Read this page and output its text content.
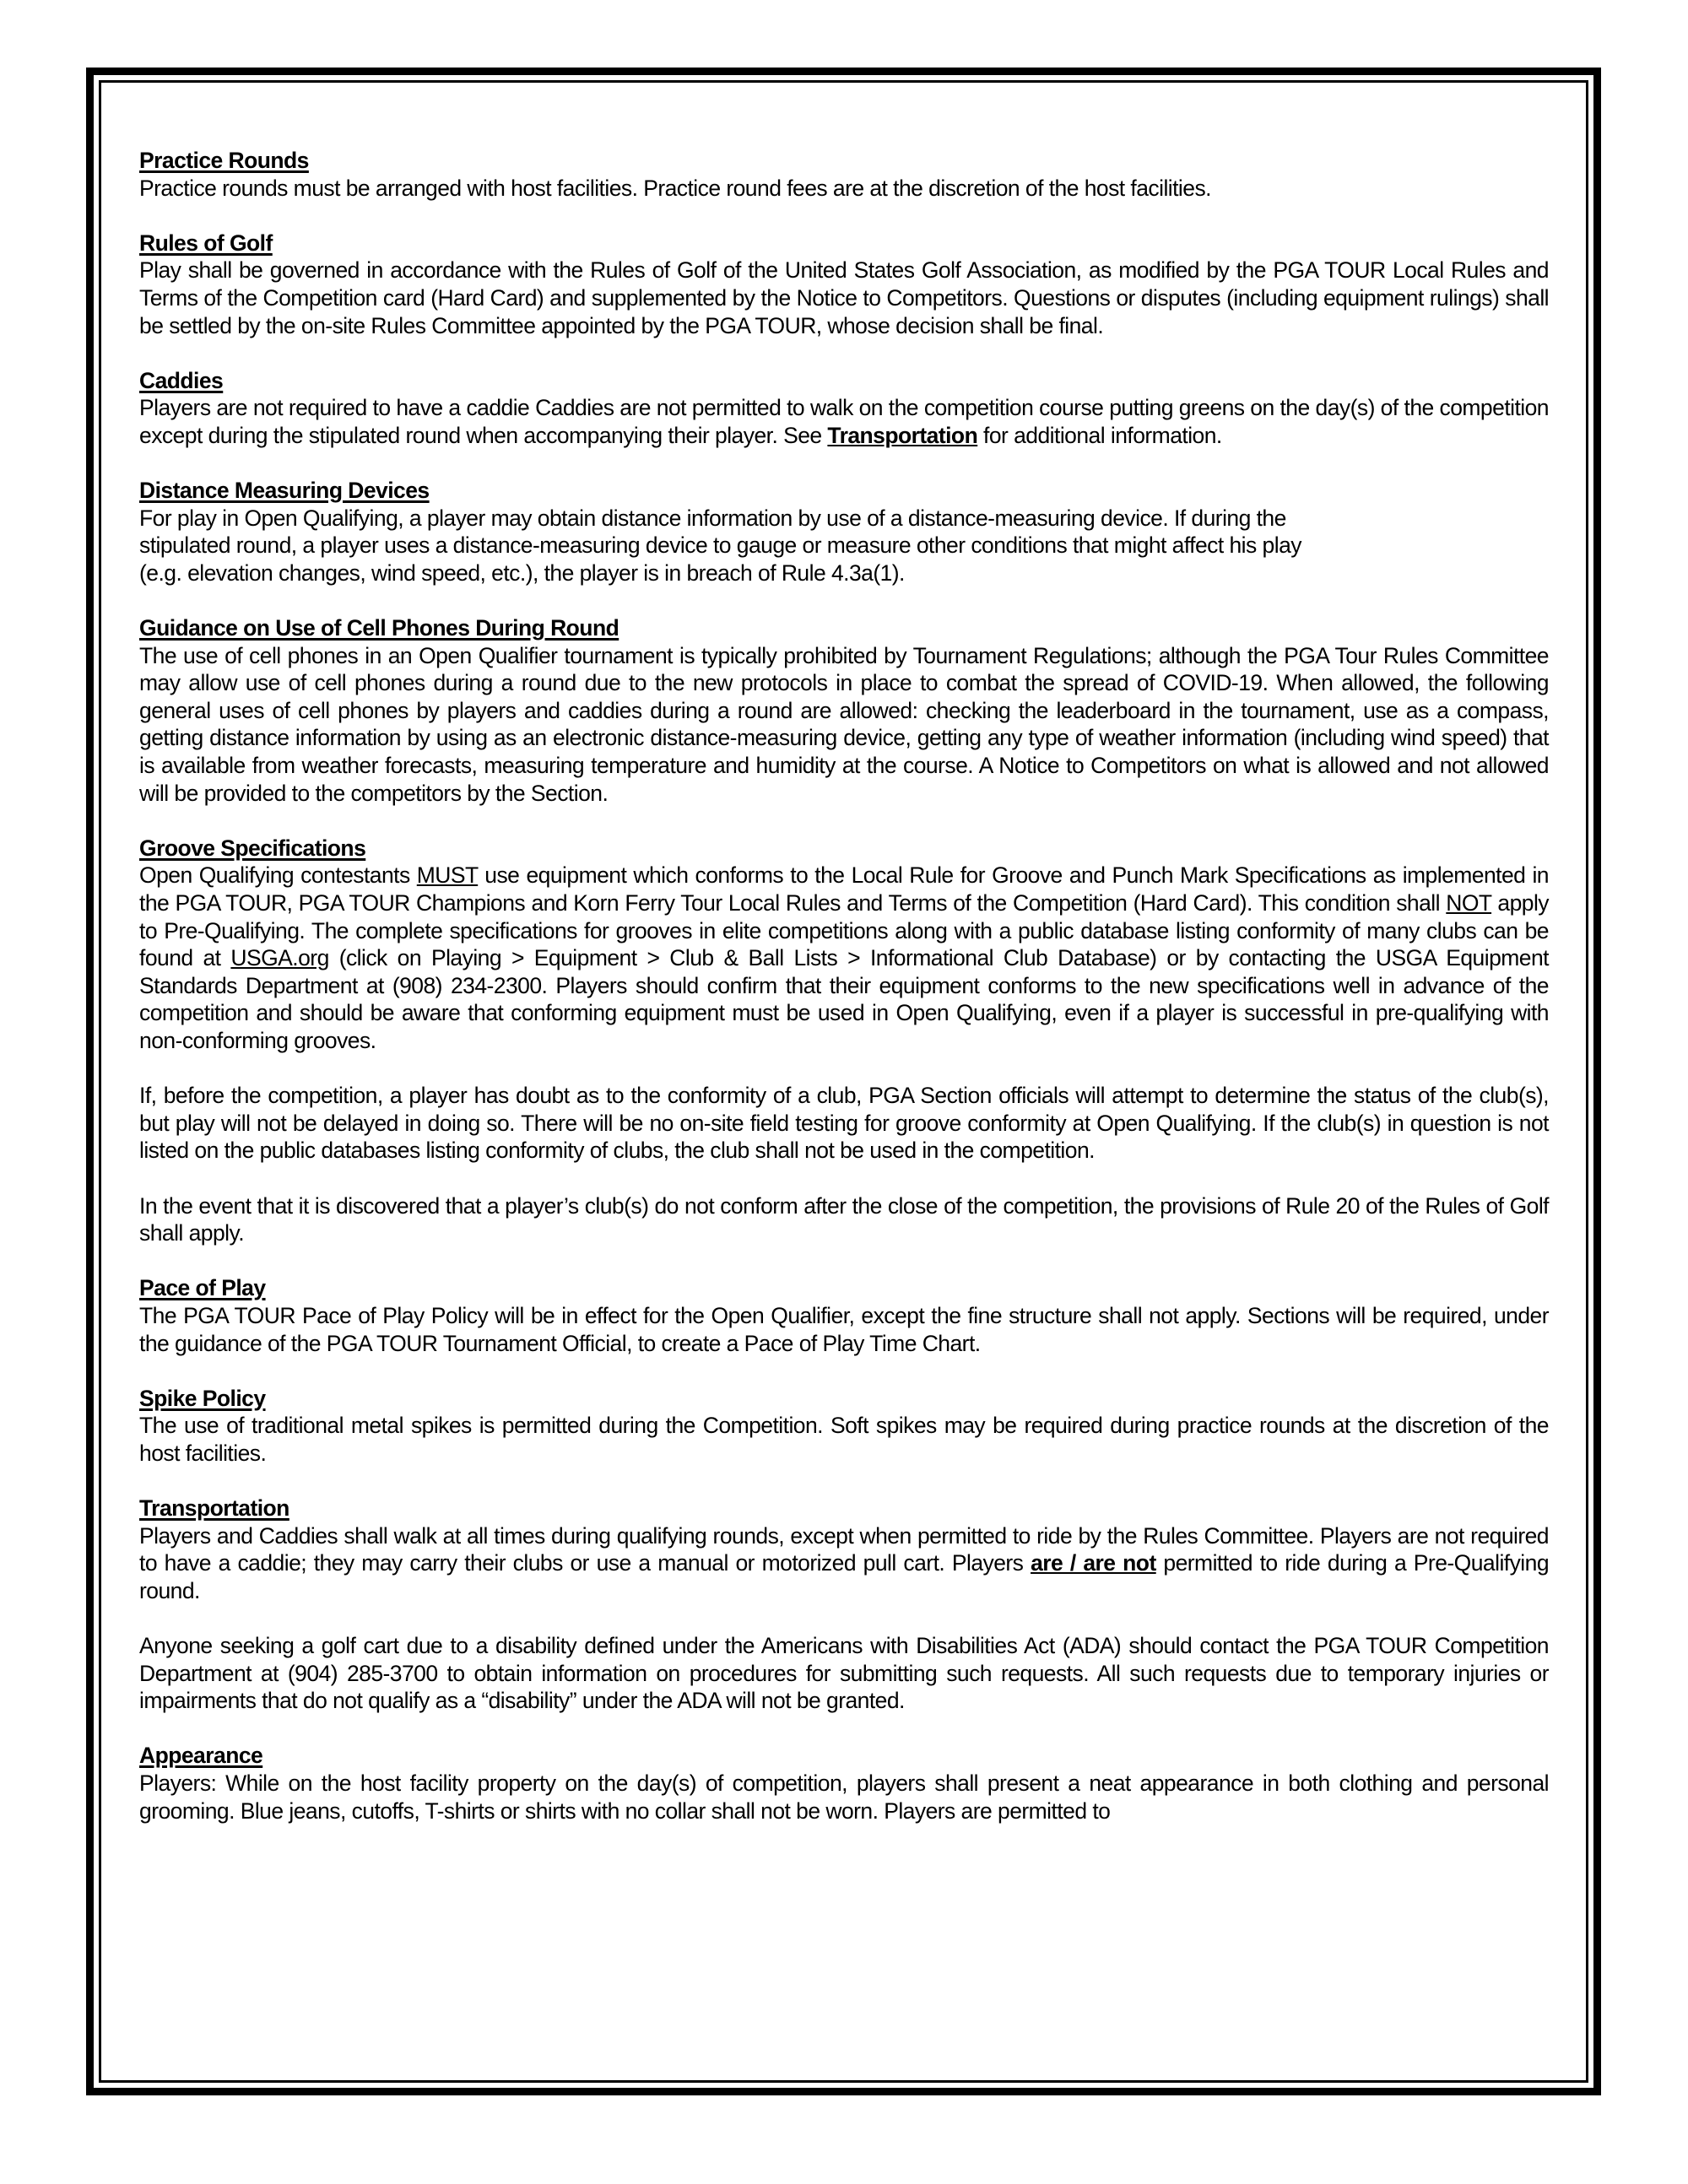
Practice Rounds

Practice rounds must be arranged with host facilities. Practice round fees are at the discretion of the host facilities.

Rules of Golf

Play shall be governed in accordance with the Rules of Golf of the United States Golf Association, as modified by the PGA TOUR Local Rules and Terms of the Competition card (Hard Card) and supplemented by the Notice to Competitors. Questions or disputes (including equipment rulings) shall be settled by the on-site Rules Committee appointed by the PGA TOUR, whose decision shall be final.

Caddies

Players are not required to have a caddie Caddies are not permitted to walk on the competition course putting greens on the day(s) of the competition except during the stipulated round when accompanying their player. See Transportation for additional information.

Distance Measuring Devices

For play in Open Qualifying, a player may obtain distance information by use of a distance-measuring device. If during the
stipulated round, a player uses a distance-measuring device to gauge or measure other conditions that might affect his play
(e.g. elevation changes, wind speed, etc.), the player is in breach of Rule 4.3a(1).

Guidance on Use of Cell Phones During Round

The use of cell phones in an Open Qualifier tournament is typically prohibited by Tournament Regulations; although the PGA Tour Rules Committee may allow use of cell phones during a round due to the new protocols in place to combat the spread of COVID-19. When allowed, the following general uses of cell phones by players and caddies during a round are allowed: checking the leaderboard in the tournament, use as a compass, getting distance information by using as an electronic distance-measuring device, getting any type of weather information (including wind speed) that is available from weather forecasts, measuring temperature and humidity at the course. A Notice to Competitors on what is allowed and not allowed will be provided to the competitors by the Section.

Groove Specifications

Open Qualifying contestants MUST use equipment which conforms to the Local Rule for Groove and Punch Mark Specifications as implemented in the PGA TOUR, PGA TOUR Champions and Korn Ferry Tour Local Rules and Terms of the Competition (Hard Card). This condition shall NOT apply to Pre-Qualifying. The complete specifications for grooves in elite competitions along with a public database listing conformity of many clubs can be found at USGA.org (click on Playing > Equipment > Club & Ball Lists > Informational Club Database) or by contacting the USGA Equipment Standards Department at (908) 234-2300. Players should confirm that their equipment conforms to the new specifications well in advance of the competition and should be aware that conforming equipment must be used in Open Qualifying, even if a player is successful in pre-qualifying with non-conforming grooves.

If, before the competition, a player has doubt as to the conformity of a club, PGA Section officials will attempt to determine the status of the club(s), but play will not be delayed in doing so. There will be no on-site field testing for groove conformity at Open Qualifying. If the club(s) in question is not listed on the public databases listing conformity of clubs, the club shall not be used in the competition.

In the event that it is discovered that a player’s club(s) do not conform after the close of the competition, the provisions of Rule 20 of the Rules of Golf shall apply.

Pace of Play

The PGA TOUR Pace of Play Policy will be in effect for the Open Qualifier, except the fine structure shall not apply. Sections will be required, under the guidance of the PGA TOUR Tournament Official, to create a Pace of Play Time Chart.

Spike Policy

The use of traditional metal spikes is permitted during the Competition. Soft spikes may be required during practice rounds at the discretion of the host facilities.

Transportation

Players and Caddies shall walk at all times during qualifying rounds, except when permitted to ride by the Rules Committee. Players are not required to have a caddie; they may carry their clubs or use a manual or motorized pull cart. Players are / are not permitted to ride during a Pre-Qualifying round.

Anyone seeking a golf cart due to a disability defined under the Americans with Disabilities Act (ADA) should contact the PGA TOUR Competition Department at (904) 285-3700 to obtain information on procedures for submitting such requests. All such requests due to temporary injuries or impairments that do not qualify as a “disability” under the ADA will not be granted.

Appearance

Players: While on the host facility property on the day(s) of competition, players shall present a neat appearance in both clothing and personal grooming. Blue jeans, cutoffs, T-shirts or shirts with no collar shall not be worn. Players are permitted to
